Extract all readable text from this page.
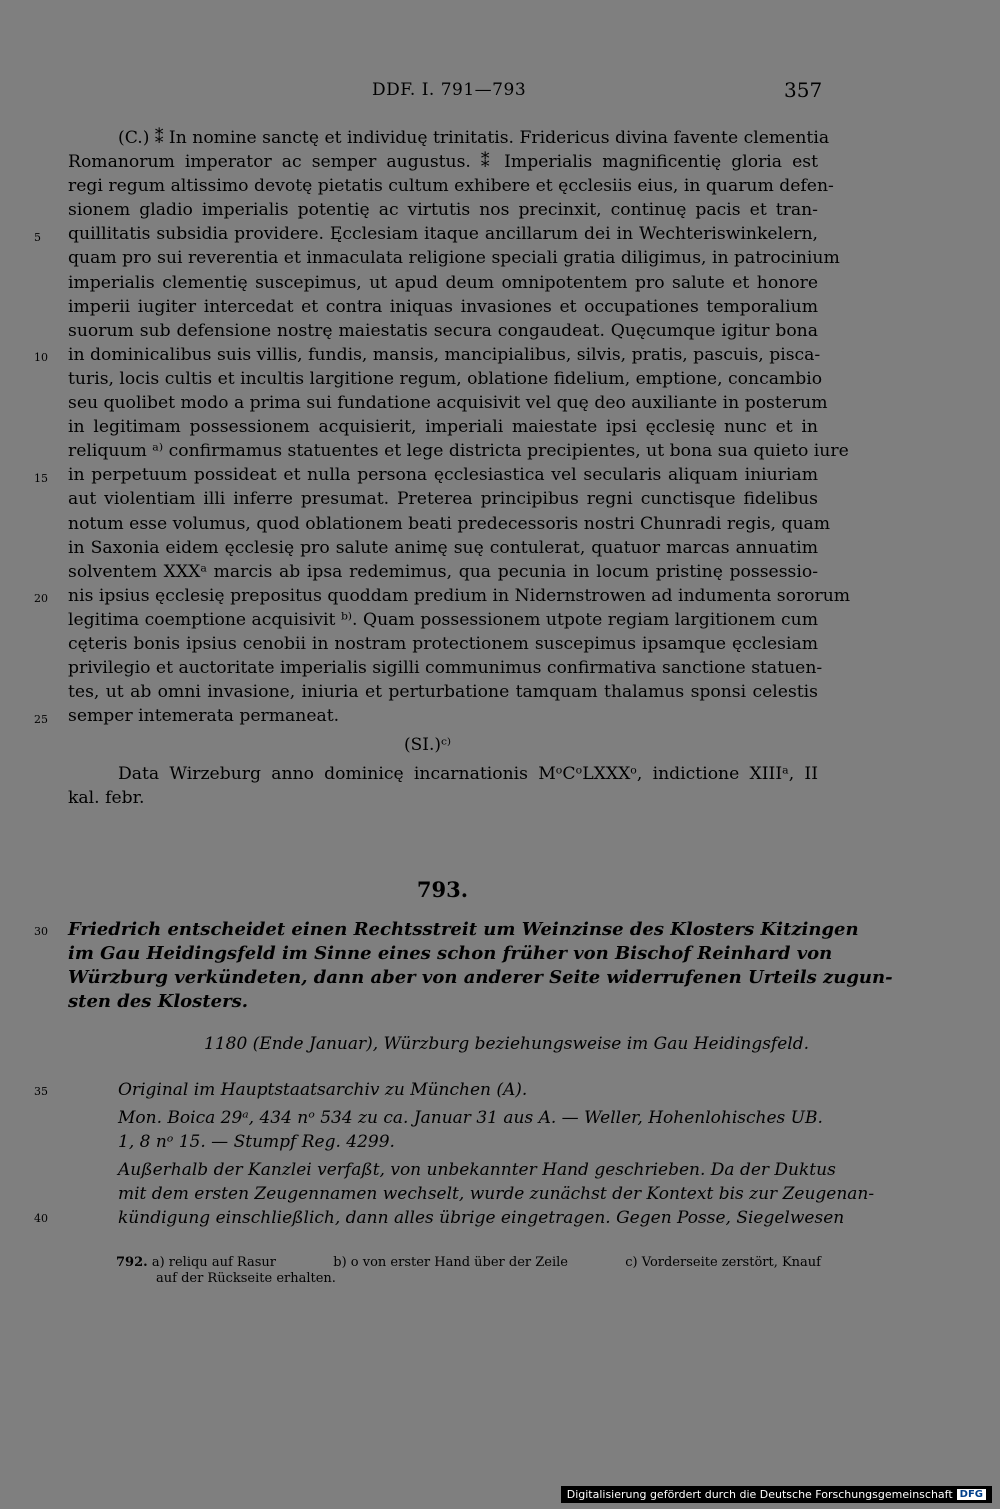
DDF. I. 791—793	357
(C.) ⁑ In nomine sanctę et individuę trinitatis. Fridericus divina favente clementia
Romanorum imperator ac semper augustus. ⁑ Imperialis magnificentię gloria est
regi regum altissimo devotę pietatis cultum exhibere et ęcclesiis eius, in quarum defen-
sionem gladio imperialis potentię ac virtutis nos precinxit, continuę pacis et tran-
quillitatis subsidia providere. Ęcclesiam itaque ancillarum dei in Wechteriswinkelern,
quam pro sui reverentia et inmaculata religione speciali gratia diligimus, in patrocinium
imperialis clementię suscepimus, ut apud deum omnipotentem pro salute et honore
imperii iugiter intercedat et contra iniquas invasiones et occupationes temporalium
suorum sub defensione nostrę maiestatis secura congaudeat. Quęcumque igitur bona
in dominicalibus suis villis, fundis, mansis, mancipialibus, silvis, pratis, pascuis, pisca-
turis, locis cultis et incultis largitione regum, oblatione fidelium, emptione, concambio
seu quolibet modo a prima sui fundatione acquisivit vel quę deo auxiliante in posterum
in legitimam possessionem acquisierit, imperiali maiestate ipsi ęcclesię nunc et in
reliquum ᵃ⁾ confirmamus statuentes et lege districta precipientes, ut bona sua quieto iure
in perpetuum possideat et nulla persona ęcclesiastica vel secularis aliquam iniuriam
aut violentiam illi inferre presumat. Preterea principibus regni cunctisque fidelibus
notum esse volumus, quod oblationem beati predecessoris nostri Chunradi regis, quam
in Saxonia eidem ęcclesię pro salute animę suę contulerat, quatuor marcas annuatim
solventem XXXᵃ marcis ab ipsa redemimus, qua pecunia in locum pristinę possessio-
nis ipsius ęcclesię prepositus quoddam predium in Nidernstrowen ad indumenta sororum
legitima coemptione acquisivit ᵇ⁾. Quam possessionem utpote regiam largitionem cum
cęteris bonis ipsius cenobii in nostram protectionem suscepimus ipsamque ęcclesiam
privilegio et auctoritate imperialis sigilli communimus confirmativa sanctione statuen-
tes, ut ab omni invasione, iniuria et perturbatione tamquam thalamus sponsi celestis
semper intemerata permaneat.
5
10
15
20
25
30
35
40
(SI.)ᶜ⁾
Data Wirzeburg anno dominicę incarnationis MᵒCᵒLXXXᵒ, indictione XIIIᵃ, II
kal. febr.
793.
Friedrich entscheidet einen Rechtsstreit um Weinzinse des Klosters Kitzingen
im Gau Heidingsfeld im Sinne eines schon früher von Bischof Reinhard von
Würzburg verkündeten, dann aber von anderer Seite widerrufenen Urteils zugun-
sten des Klosters.
1180 (Ende Januar), Würzburg beziehungsweise im Gau Heidingsfeld.
Original im Hauptstaatsarchiv zu München (A).
Mon. Boica 29ᵃ, 434 nᵒ 534 zu ca. Januar 31 aus A. — Weller, Hohenlohisches UB.
1, 8 nᵒ 15. — Stumpf Reg. 4299.
Außerhalb der Kanzlei verfaßt, von unbekannter Hand geschrieben. Da der Duktus
mit dem ersten Zeugennamen wechselt, wurde zunächst der Kontext bis zur Zeugenan-
kündigung einschließlich, dann alles übrige eingetragen. Gegen Posse, Siegelwesen
792. a) reliqu auf Rasur	b) o von erster Hand über der Zeile	c) Vorderseite zerstört, Knauf
auf der Rückseite erhalten.
Digitalisierung gefördert durch die Deutsche Forschungsgemeinschaft DFG
